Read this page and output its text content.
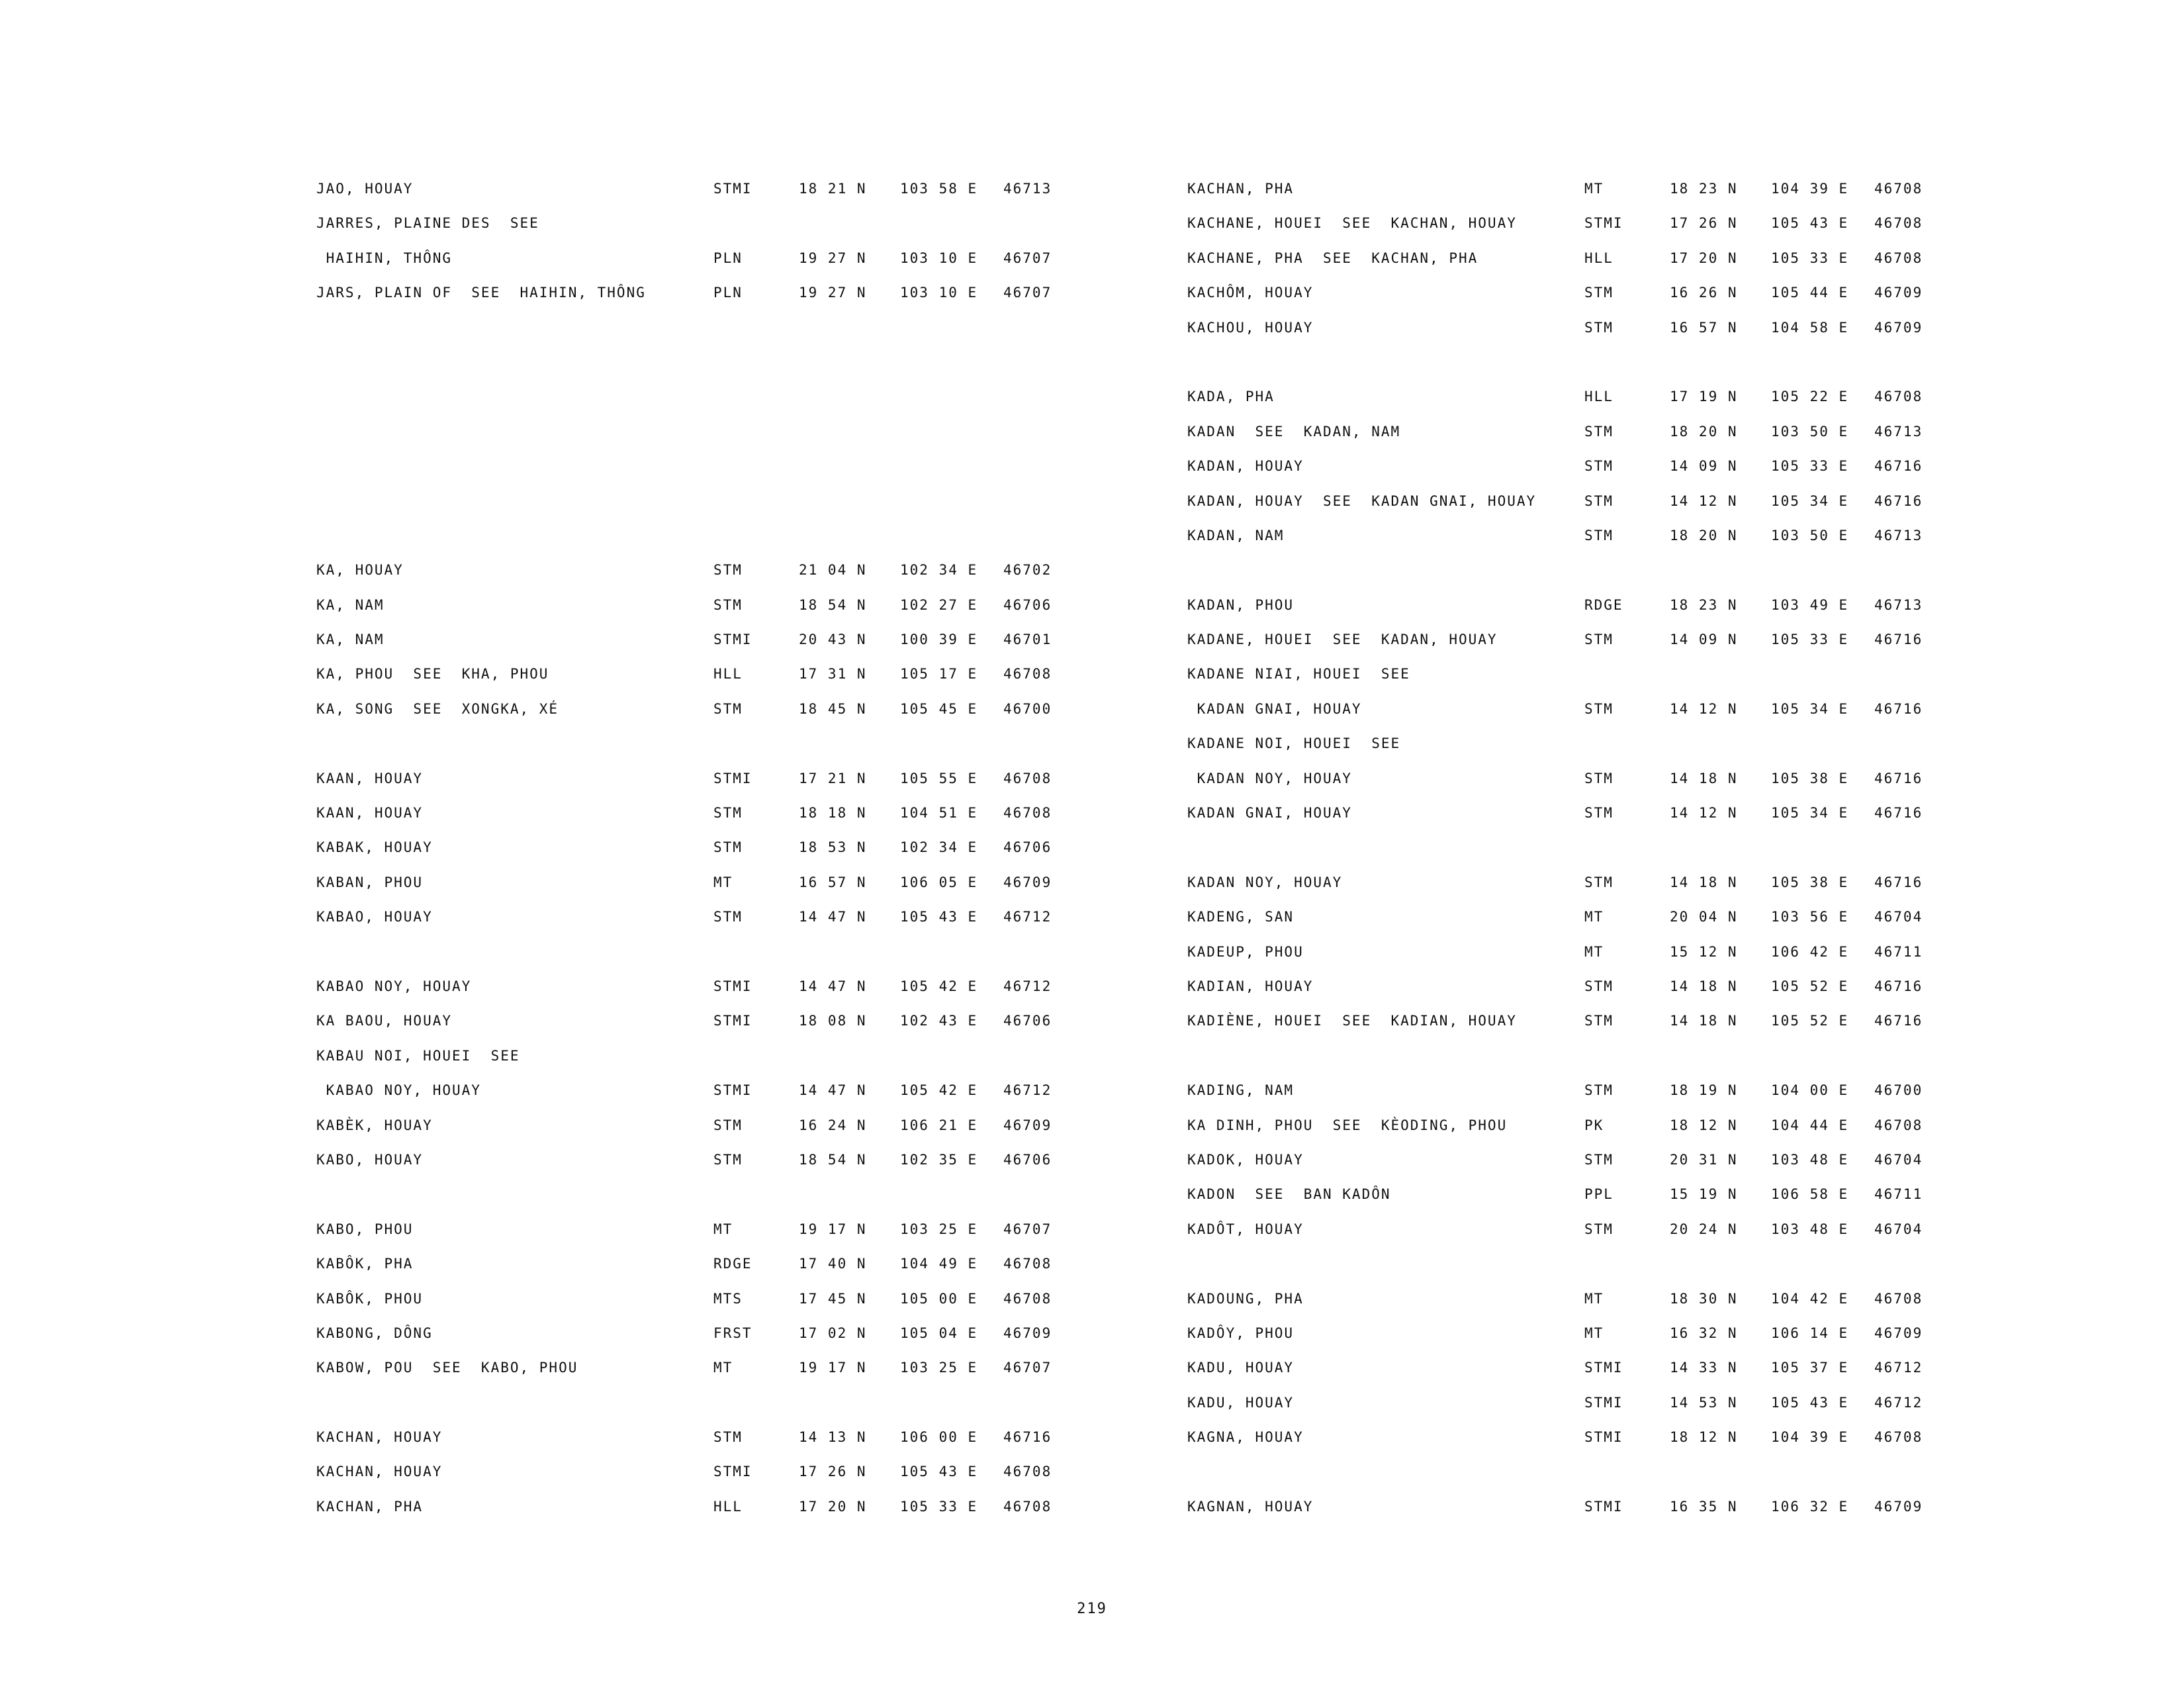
JAO, HOUAY	STMI	18 21 N 103 58 E 46713
JARRES, PLAINE DES  SEE
HAIHIN, THÔNG	PLN	19 27 N 103 10 E 46707
JARS, PLAIN OF  SEE  HAIHIN, THÔNG	PLN	19 27 N 103 10 E 46707
KA, HOUAY	STM	21 04 N 102 34 E 46702
KA, NAM	STM	18 54 N 102 27 E 46706
KA, NAM	STMI	20 43 N 100 39 E 46701
KA, PHOU  SEE  KHA, PHOU	HLL	17 31 N 105 17 E 46708
KA, SONG  SEE  XONGKA, XÉ	STM	18 45 N 105 45 E 46700
KAAN, HOUAY	STMI	17 21 N 105 55 E 46708
KAAN, HOUAY	STM	18 18 N 104 51 E 46708
KABAK, HOUAY	STM	18 53 N 102 34 E 46706
KABAN, PHOU	MT	16 57 N 106 05 E 46709
KABAO, HOUAY	STM	14 47 N 105 43 E 46712
KABAO NOY, HOUAY	STMI	14 47 N 105 42 E 46712
KA BAOU, HOUAY	STMI	18 08 N 102 43 E 46706
KABAU NOI, HOUEI  SEE
KABAO NOY, HOUAY	STMI	14 47 N 105 42 E 46712
KABÈK, HOUAY	STM	16 24 N 106 21 E 46709
KABO, HOUAY	STM	18 54 N 102 35 E 46706
KABO, PHOU	MT	19 17 N 103 25 E 46707
KABÔK, PHA	RDGE	17 40 N 104 49 E 46708
KABÔK, PHOU	MTS	17 45 N 105 00 E 46708
KABONG, DÔNG	FRST	17 02 N 105 04 E 46709
KABOW, POU  SEE  KABO, PHOU	MT	19 17 N 103 25 E 46707
KACHAN, HOUAY	STM	14 13 N 106 00 E 46716
KACHAN, HOUAY	STMI	17 26 N 105 43 E 46708
KACHAN, PHA	HLL	17 20 N 105 33 E 46708
KACHAN, PHA	MT	18 23 N 104 39 E 46708
KACHANE, HOUEI  SEE  KACHAN, HOUAY	STMI	17 26 N 105 43 E 46708
KACHANE, PHA  SEE  KACHAN, PHA	HLL	17 20 N 105 33 E 46708
KACHÔM, HOUAY	STM	16 26 N 105 44 E 46709
KACHOU, HOUAY	STM	16 57 N 104 58 E 46709
KADA, PHA	HLL	17 19 N 105 22 E 46708
KADAN  SEE  KADAN, NAM	STM	18 20 N 103 50 E 46713
KADAN, HOUAY	STM	14 09 N 105 33 E 46716
KADAN, HOUAY  SEE  KADAN GNAI, HOUAY	STM	14 12 N 105 34 E 46716
KADAN, NAM	STM	18 20 N 103 50 E 46713
KADAN, PHOU	RDGE	18 23 N 103 49 E 46713
KADANE, HOUEI  SEE  KADAN, HOUAY	STM	14 09 N 105 33 E 46716
KADANE NIAI, HOUEI  SEE
KADAN GNAI, HOUAY	STM	14 12 N 105 34 E 46716
KADANE NOI, HOUEI  SEE
KADAN NOY, HOUAY	STM	14 18 N 105 38 E 46716
KADAN GNAI, HOUAY	STM	14 12 N 105 34 E 46716
KADAN NOY, HOUAY	STM	14 18 N 105 38 E 46716
KADENG, SAN	MT	20 04 N 103 56 E 46704
KADEUP, PHOU	MT	15 12 N 106 42 E 46711
KADIAN, HOUAY	STM	14 18 N 105 52 E 46716
KADIÈNE, HOUEI  SEE  KADIAN, HOUAY	STM	14 18 N 105 52 E 46716
KADING, NAM	STM	18 19 N 104 00 E 46700
KA DINH, PHOU  SEE  KÈODING, PHOU	PK	18 12 N 104 44 E 46708
KADOK, HOUAY	STM	20 31 N 103 48 E 46704
KADON  SEE  BAN KADÔN	PPL	15 19 N 106 58 E 46711
KADÔT, HOUAY	STM	20 24 N 103 48 E 46704
KADOUNG, PHA	MT	18 30 N 104 42 E 46708
KADÔY, PHOU	MT	16 32 N 106 14 E 46709
KADU, HOUAY	STMI	14 33 N 105 37 E 46712
KADU, HOUAY	STMI	14 53 N 105 43 E 46712
KAGNA, HOUAY	STMI	18 12 N 104 39 E 46708
KAGNAN, HOUAY	STMI	16 35 N 106 32 E 46709
219
